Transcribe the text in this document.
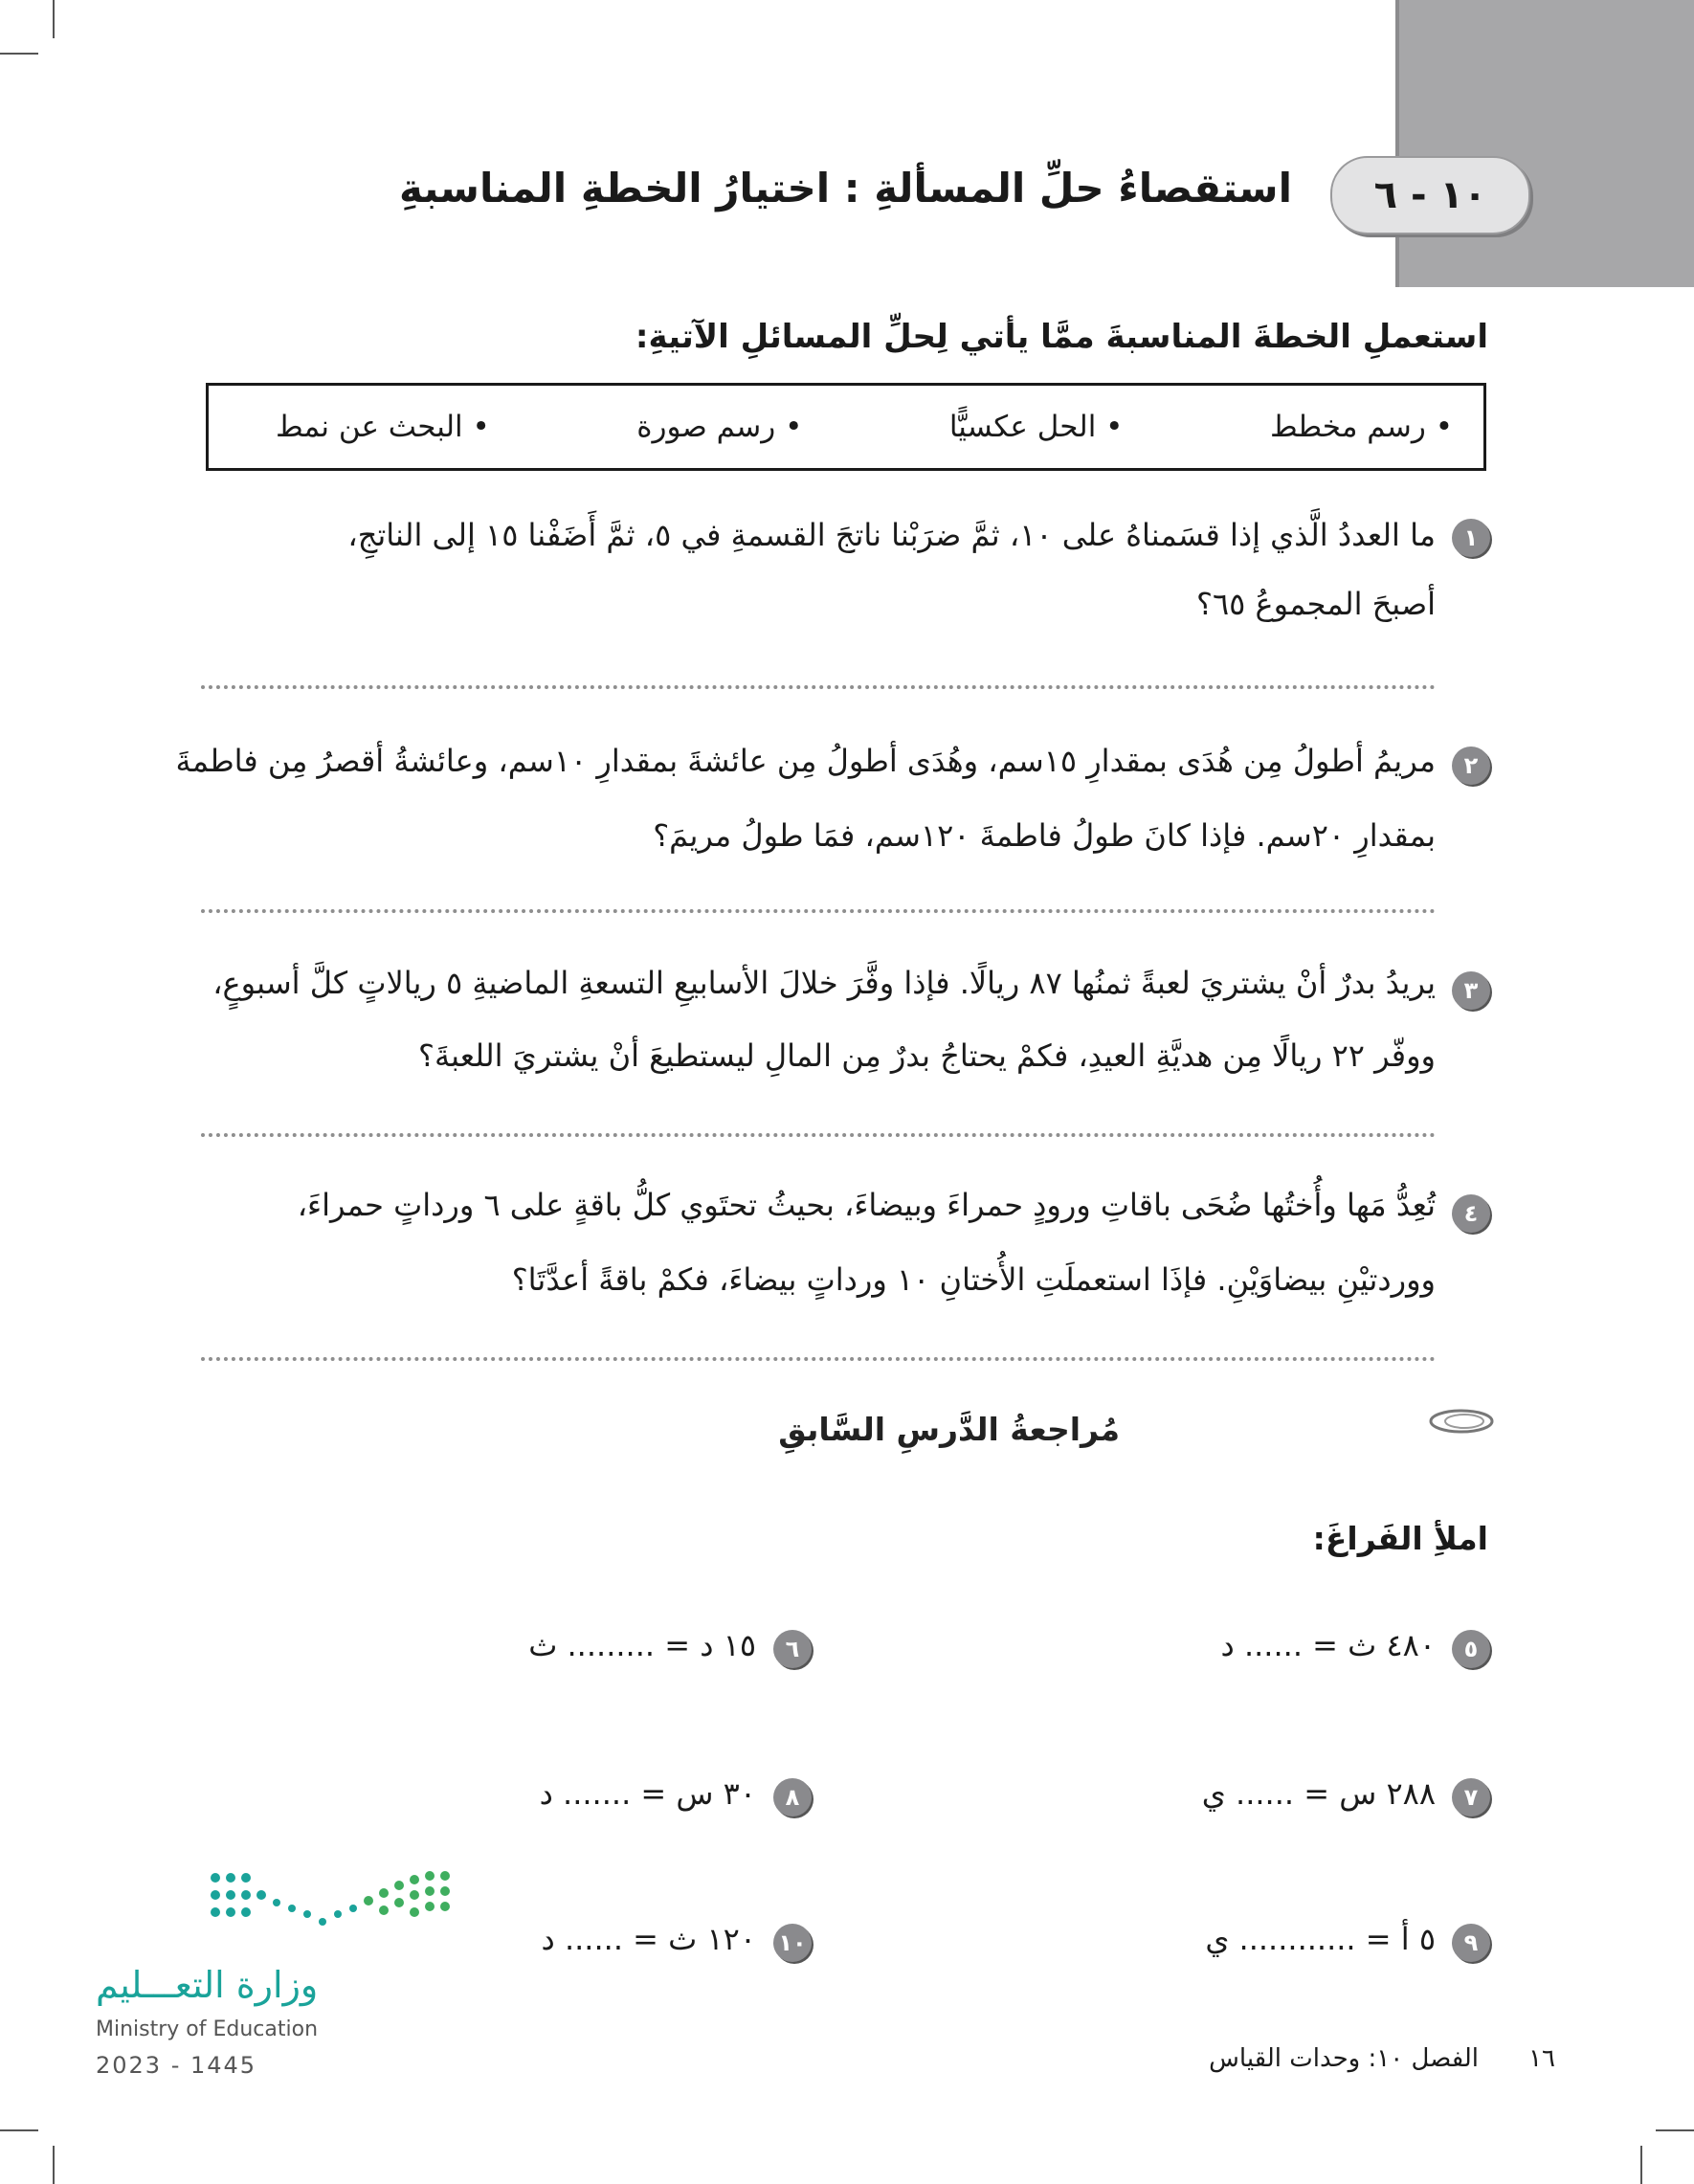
١٠ - ٦
استقصاءُ حلِّ المسألةِ : اختيارُ الخطةِ المناسبةِ
استعملِ الخطةَ المناسبةَ ممَّا يأتي لِحلِّ المسائلِ الآتيةِ:
• البحث عن نمط	• رسم صورة	• الحل عكسيًّا	• رسم مخطط
١
ما العددُ الَّذي إذا قسَمناهُ على ١٠، ثمَّ ضرَبْنا ناتجَ القسمةِ في ٥، ثمَّ أَضَفْنا ١٥ إلى الناتجِ،
أصبحَ المجموعُ ٦٥؟
٢
مريمُ أطولُ مِن هُدَى بمقدارِ ١٥سم، وهُدَى أطولُ مِن عائشةَ بمقدارِ ١٠سم، وعائشةُ أقصرُ مِن فاطمةَ
بمقدارِ ٢٠سم. فإذا كانَ طولُ فاطمةَ ١٢٠سم، فمَا طولُ مريمَ؟
٣
يريدُ بدرٌ أنْ يشتريَ لعبةً ثمنُها ٨٧ ريالًا. فإذا وفَّرَ خلالَ الأسابيعِ التسعةِ الماضيةِ ٥ ريالاتٍ كلَّ أسبوعٍ،
ووفّر ٢٢ ريالًا مِن هديَّةِ العيدِ، فكمْ يحتاجُ بدرٌ مِن المالِ ليستطيعَ أنْ يشتريَ اللعبةَ؟
٤
تُعِدُّ مَها وأُختُها ضُحَى باقاتِ ورودٍ حمراءَ وبيضاءَ، بحيثُ تحتَوي كلُّ باقةٍ على ٦ ورداتٍ حمراءَ،
ووردتيْنِ بيضاوَيْنِ. فإذَا استعملَتِ الأُختانِ ١٠ ورداتٍ بيضاءَ، فكمْ باقةً أعدَّتَا؟
مُراجعةُ الدَّرسِ السَّابقِ
املأِ الفَراغَ:
٥
٤٨٠ ث = ...... د
٦
١٥ د = ......... ث
٧
٢٨٨ س = ...... ي
٨
٣٠ س = ....... د
٩
٥ أ = ............ ي
١٠
١٢٠ ث = ...... د
وزارة التعـــليم
Ministry of Education
2023 - 1445	١٦
الفصل ١٠: وحدات القياس
